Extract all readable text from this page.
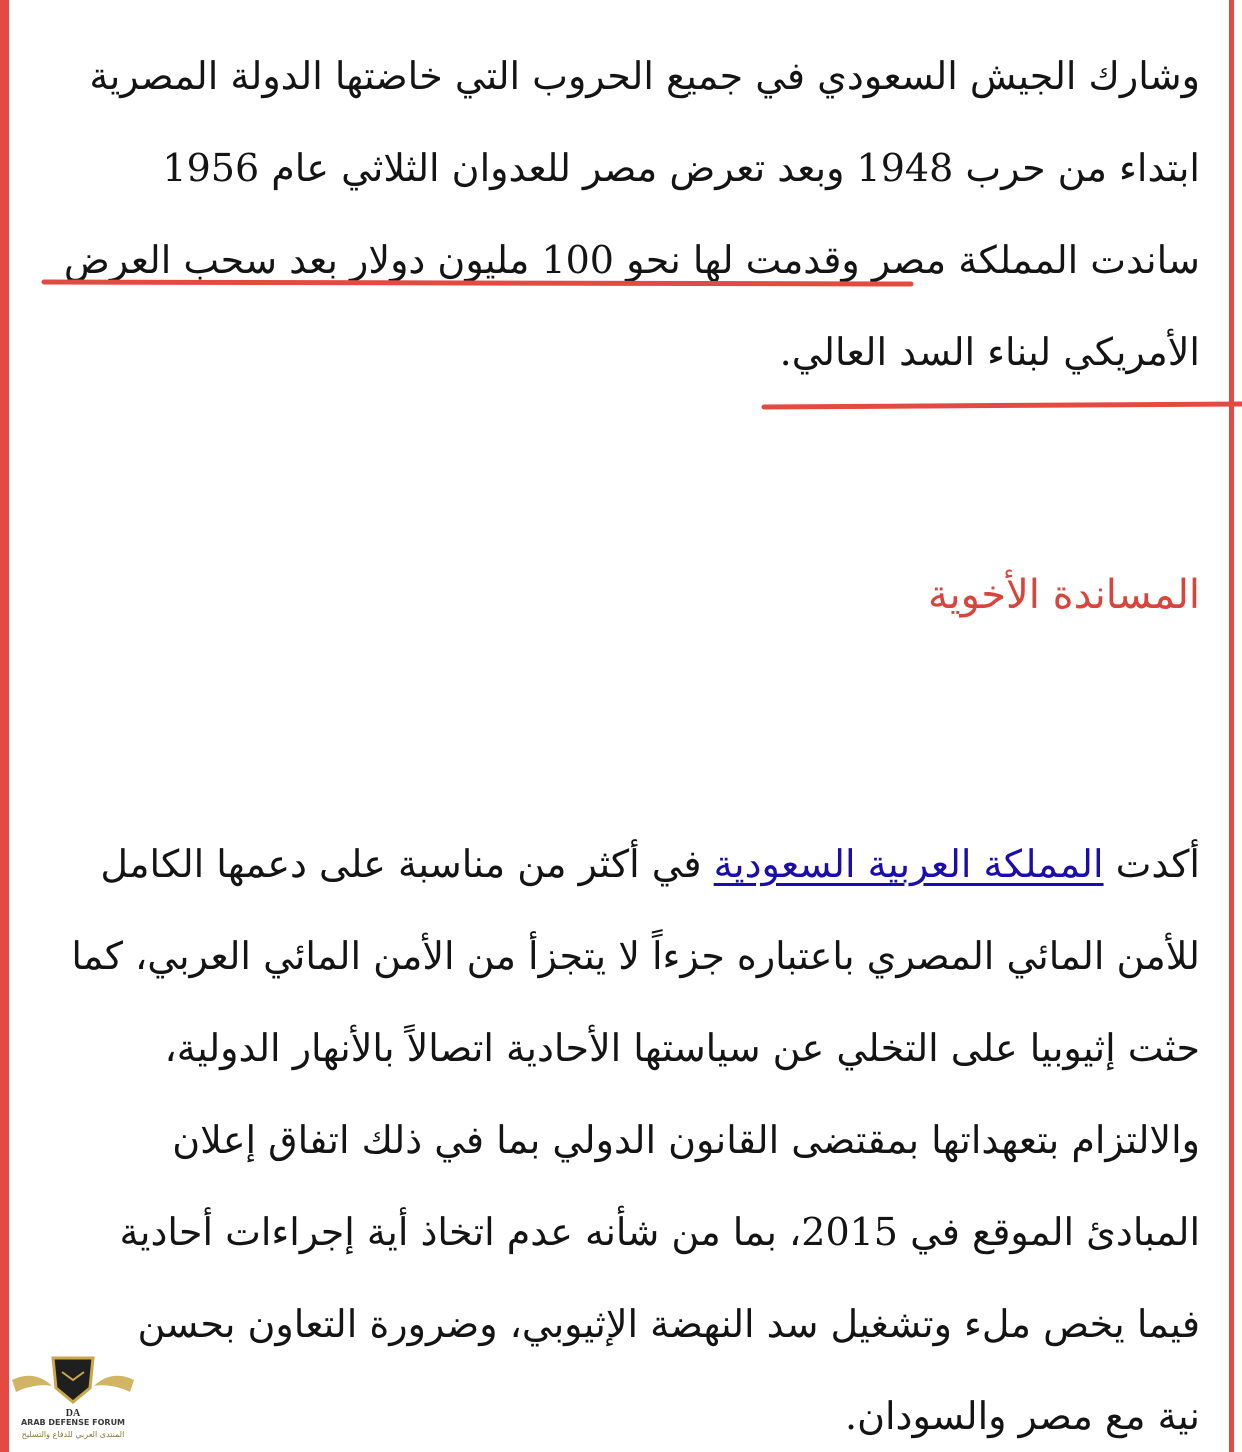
وشارك الجيش السعودي في جميع الحروب التي خاضتها الدولة المصرية
ابتداء من حرب 1948 وبعد تعرض مصر للعدوان الثلاثي عام 1956
ساندت المملكة مصر وقدمت لها نحو 100 مليون دولار بعد سحب العرض
الأمريكي لبناء السد العالي.

المساندة الأخوية

أكدت المملكة العربية السعودية في أكثر من مناسبة على دعمها الكامل
للأمن المائي المصري باعتباره جزءاً لا يتجزأ من الأمن المائي العربي، كما
حثت إثيوبيا على التخلي عن سياستها الأحادية اتصالاً بالأنهار الدولية،
والالتزام بتعهداتها بمقتضى القانون الدولي بما في ذلك اتفاق إعلان
المبادئ الموقع في 2015، بما من شأنه عدم اتخاذ أية إجراءات أحادية
فيما يخص ملء وتشغيل سد النهضة الإثيوبي، وضرورة التعاون بحسن
نية مع مصر والسودان.

DA
ARAB DEFENSE FORUM
المنتدى العربي للدفاع والتسليح
